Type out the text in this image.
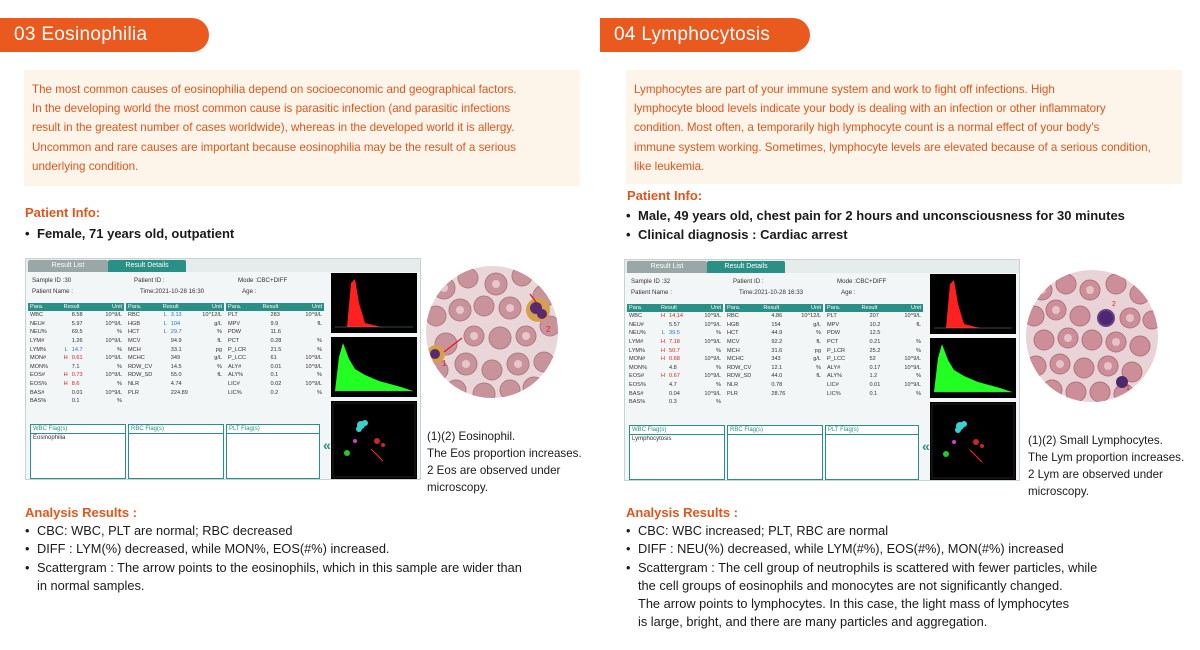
03 Eosinophilia
The most common causes of eosinophilia depend on socioeconomic and geographical factors.
In the developing world the most common cause is parasitic infection (and parasitic infections
result in the greatest number of cases worldwide), whereas in the developed world it is allergy.
Uncommon and rare causes are important because eosinophilia may be the result of a serious
underlying condition.
Patient Info:
• Female, 71 years old, outpatient
Result List	Result Details
Sample ID :30	Patient ID :	Mode :CBC+DIFF
Patient Name :	Time:2021-10-28 16:30	Age :
Para.	Result		Unit
WBC		8.58	10^9/L
NEU#		5.97	10^9/L
NEU%		69.5	%
LYM#		1.26	10^9/L
LYM%	L	14.7	%
MON#	H	0.61	10^9/L
MON%		7.1	%
EOS#	H	0.73	10^9/L
EOS%	H	8.6	%
BAS#		0.01	10^9/L
BAS%		0.1	%
Para.	Result		Unit
RBC	L	3.13	10^12/L
HGB	L	104	g/L
HCT	L	29.7	%
MCV		94.9	fL
MCH		33.1	pg
MCHC		349	g/L
RDW_CV		14.5	%
RDW_SD		55.0	fL
NLR		4.74	
PLR		224.89	
Para.	Result		Unit
PLT		283	10^9/L
MPV		9.9	fL
PDW		11.6	
PCT		0.28	%
P_LCR		21.5	%
P_LCC		61	10^9/L
ALY#		0.01	10^9/L
ALY%		0.1	%
LIC#		0.02	10^9/L
LIC%		0.2	%
WBC Flag(s)
Eosinophilia
RBC Flag(s)	PLT Flag(s)
«
1
2
(1)(2) Eosinophil.
The Eos proportion increases.
2 Eos are observed under
microscopy.
Analysis Results :
• CBC: WBC, PLT are normal; RBC decreased
• DIFF : LYM(%) decreased, while MON%, EOS(#%) increased.
• Scattergram : The arrow points to the eosinophils, which in this sample are wider than
in normal samples.
04 Lymphocytosis
Lymphocytes are part of your immune system and work to fight off infections. High
lymphocyte blood levels indicate your body is dealing with an infection or other inflammatory
condition. Most often, a temporarily high lymphocyte count is a normal effect of your body's
immune system working. Sometimes, lymphocyte levels are elevated because of a serious condition,
like leukemia.
Patient Info:
• Male, 49 years old, chest pain for 2 hours and unconsciousness for 30 minutes
• Clinical diagnosis : Cardiac arrest
Result List	Result Details
Sample ID :32	Patient ID :	Mode :CBC+DIFF
Patient Name :	Time:2021-10-28 16:33	Age :
Para.	Result		Unit
WBC	H	14.14	10^9/L
NEU#		5.57	10^9/L
NEU%	L	39.5	%
LYM#	H	7.18	10^9/L
LYM%	H	50.7	%
MON#	H	0.68	10^9/L
MON%		4.8	%
EOS#	H	0.67	10^9/L
EOS%		4.7	%
BAS#		0.04	10^9/L
BAS%		0.3	%
Para.	Result		Unit
RBC		4.86	10^12/L
HGB		154	g/L
HCT		44.9	%
MCV		92.2	fL
MCH		31.6	pg
MCHC		343	g/L
RDW_CV		12.1	%
RDW_SD		44.0	fL
NLR		0.78	
PLR		28.76	
Para.	Result		Unit
PLT		207	10^9/L
MPV		10.2	fL
PDW		12.5	
PCT		0.21	%
P_LCR		25.2	%
P_LCC		52	10^9/L
ALY#		0.17	10^9/L
ALY%		1.2	%
LIC#		0.01	10^9/L
LIC%		0.1	%
WBC Flag(s)
Lymphocytosis
RBC Flag(s)	PLT Flag(s)
«
1
2
(1)(2) Small Lymphocytes.
The Lym proportion increases.
2 Lym are observed under
microscopy.
Analysis Results :
• CBC: WBC increased; PLT, RBC are normal
• DIFF : NEU(%) decreased, while LYM(#%), EOS(#%), MON(#%) increased
• Scattergram : The cell group of neutrophils is scattered with fewer particles, while
the cell groups of eosinophils and monocytes are not significantly changed.
The arrow points to lymphocytes. In this case, the light mass of lymphocytes
is large, bright, and there are many particles and aggregation.
